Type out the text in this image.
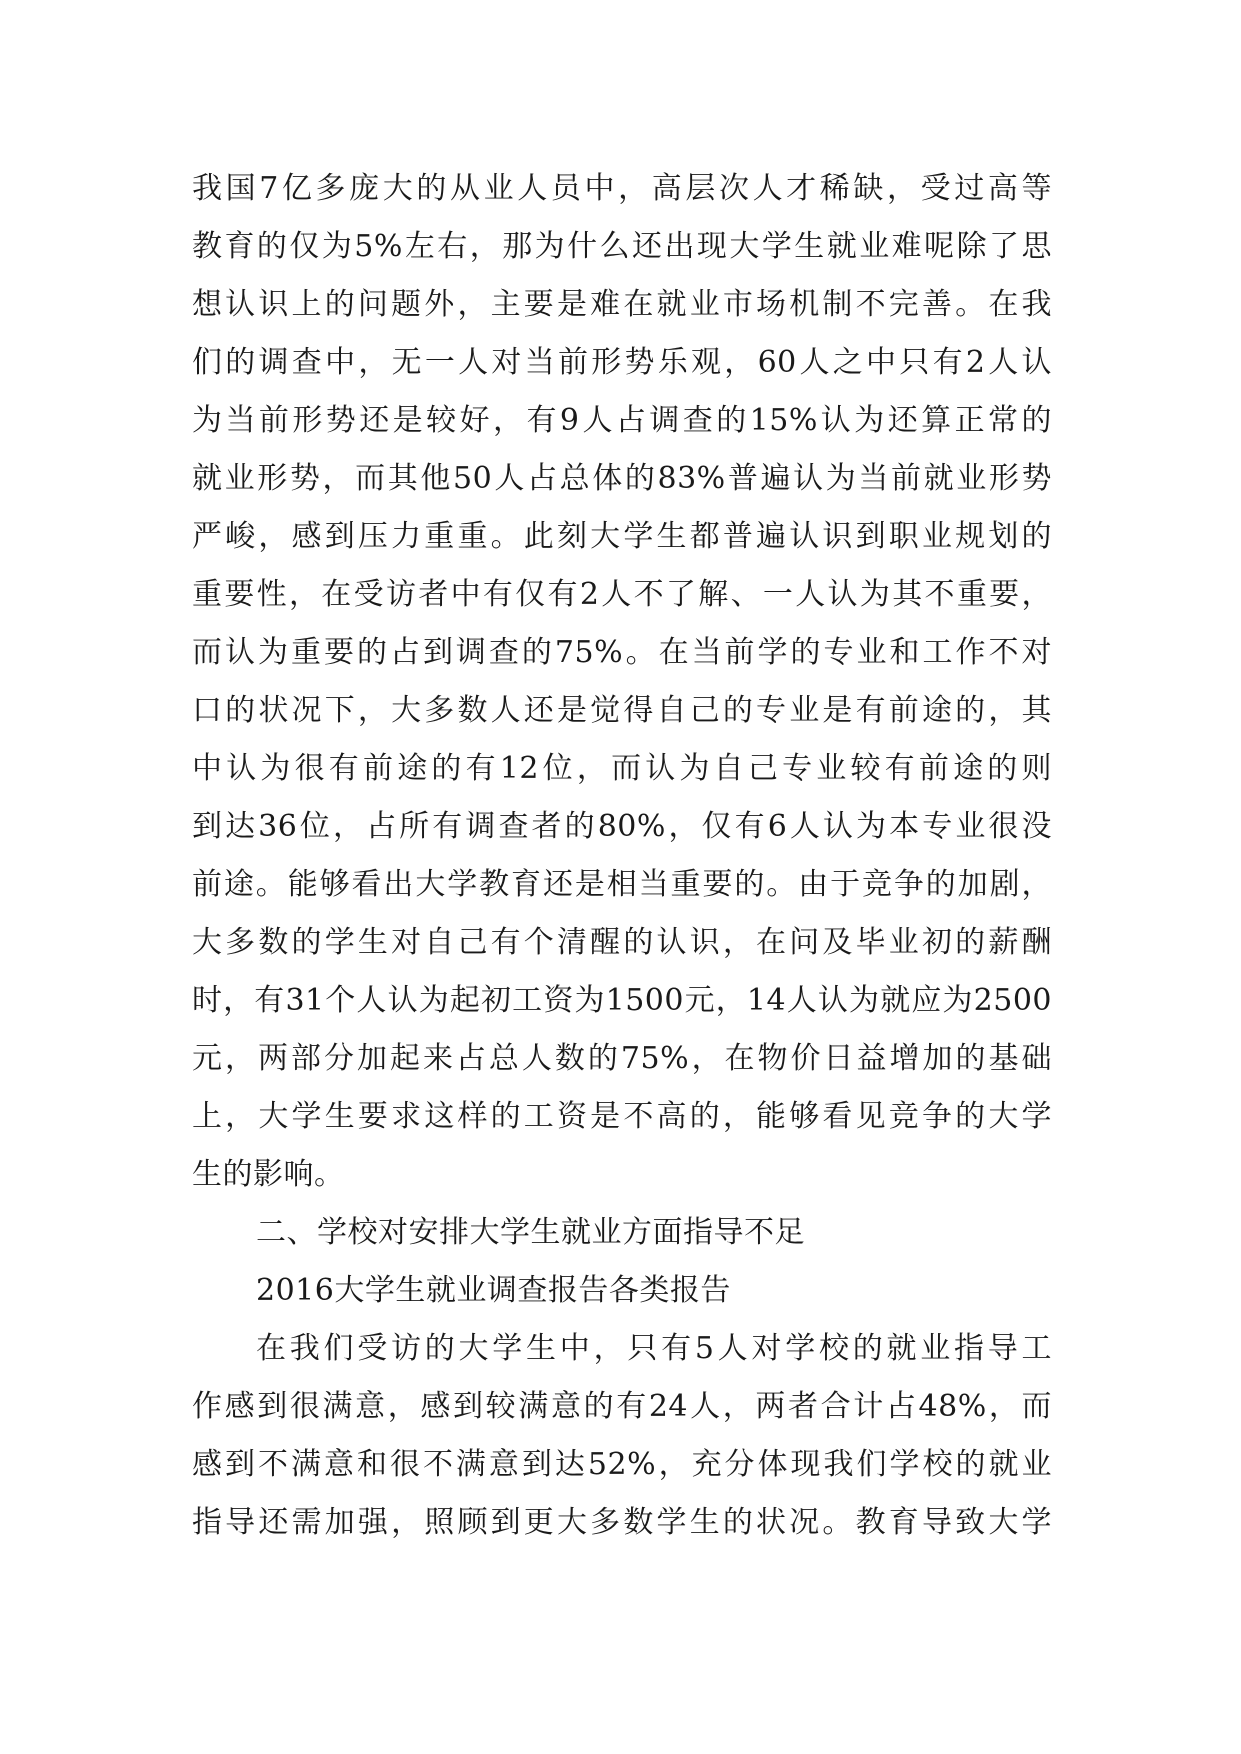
我国7亿多庞大的从业人员中，高层次人才稀缺，受过高等
教育的仅为5%左右，那为什么还出现大学生就业难呢除了思
想认识上的问题外，主要是难在就业市场机制不完善。在我
们的调查中，无一人对当前形势乐观，60人之中只有2人认
为当前形势还是较好，有9人占调查的15%认为还算正常的
就业形势，而其他50人占总体的83%普遍认为当前就业形势
严峻，感到压力重重。此刻大学生都普遍认识到职业规划的
重要性，在受访者中有仅有2人不了解、一人认为其不重要，
而认为重要的占到调查的75%。在当前学的专业和工作不对
口的状况下，大多数人还是觉得自己的专业是有前途的，其
中认为很有前途的有12位，而认为自己专业较有前途的则
到达36位，占所有调查者的80%，仅有6人认为本专业很没
前途。能够看出大学教育还是相当重要的。由于竞争的加剧，
大多数的学生对自己有个清醒的认识，在问及毕业初的薪酬
时，有31个人认为起初工资为1500元，14人认为就应为2500
元，两部分加起来占总人数的75%，在物价日益增加的基础
上，大学生要求这样的工资是不高的，能够看见竞争的大学
生的影响。
二、学校对安排大学生就业方面指导不足
2016大学生就业调查报告各类报告
在我们受访的大学生中，只有5人对学校的就业指导工
作感到很满意，感到较满意的有24人，两者合计占48%，而
感到不满意和很不满意到达52%，充分体现我们学校的就业
指导还需加强，照顾到更大多数学生的状况。教育导致大学
